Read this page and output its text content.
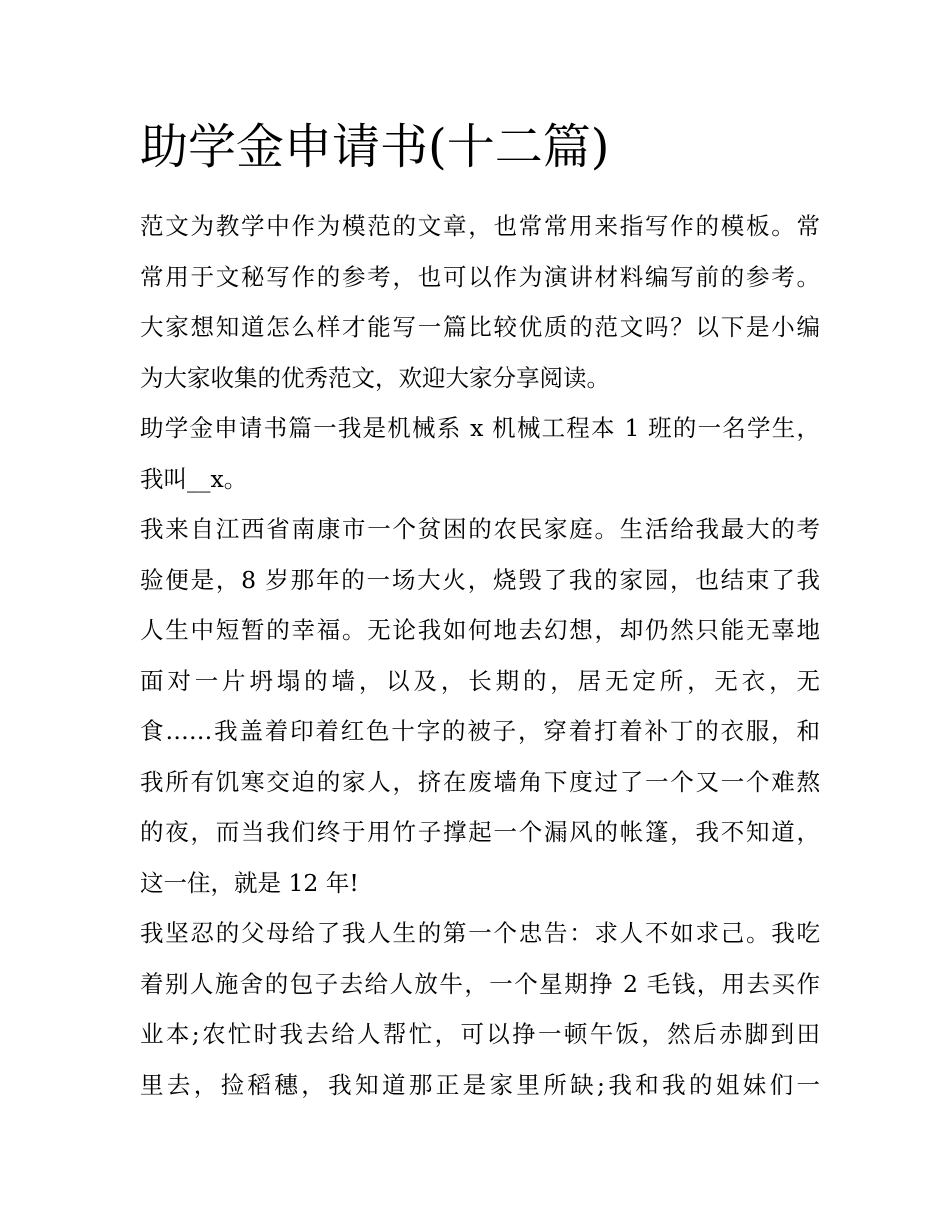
助学金申请书(十二篇)
范文为教学中作为模范的文章，也常常用来指写作的模板。常
常用于文秘写作的参考，也可以作为演讲材料编写前的参考。
大家想知道怎么样才能写一篇比较优质的范文吗？以下是小编
为大家收集的优秀范文，欢迎大家分享阅读。
助学金申请书篇一我是机械系 x 机械工程本 1 班的一名学生，
我叫__x。
我来自江西省南康市一个贫困的农民家庭。生活给我最大的考
验便是，8 岁那年的一场大火，烧毁了我的家园，也结束了我
人生中短暂的幸福。无论我如何地去幻想，却仍然只能无辜地
面对一片坍塌的墙，以及，长期的，居无定所，无衣，无
食……我盖着印着红色十字的被子，穿着打着补丁的衣服，和
我所有饥寒交迫的家人，挤在废墙角下度过了一个又一个难熬
的夜，而当我们终于用竹子撑起一个漏风的帐篷，我不知道，
这一住，就是 12 年!
我坚忍的父母给了我人生的第一个忠告：求人不如求己。我吃
着别人施舍的包子去给人放牛，一个星期挣 2 毛钱，用去买作
业本;农忙时我去给人帮忙，可以挣一顿午饭，然后赤脚到田
里去，捡稻穗，我知道那正是家里所缺;我和我的姐妹们一
